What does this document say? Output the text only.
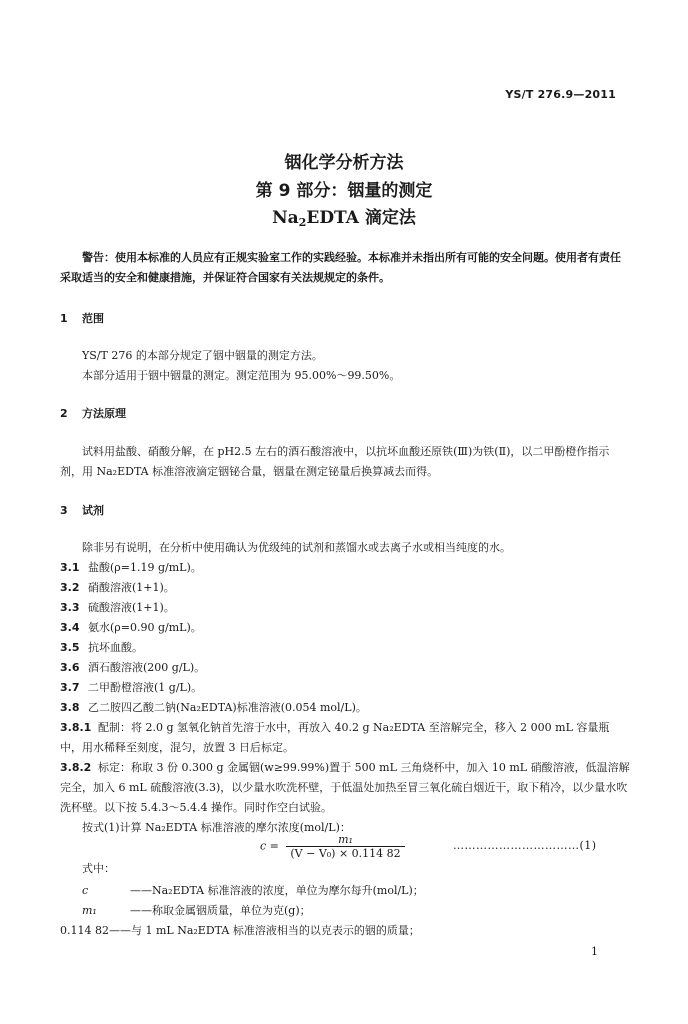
YS/T 276.9—2011
铟化学分析方法
第 9 部分：铟量的测定
$Na_2EDTA$ 滴定法
警告：使用本标准的人员应有正规实验室工作的实践经验。本标准并未指出所有可能的安全问题。使用者有责任采取适当的安全和健康措施，并保证符合国家有关法规规定的条件。
1 范围
YS/T 276 的本部分规定了铟中铟量的测定方法。
本部分适用于铟中铟量的测定。测定范围为 95.00%～99.50%。
2 方法原理
试料用盐酸、硝酸分解，在 pH2.5 左右的酒石酸溶液中，以抗坏血酸还原铁(Ⅲ)为铁(Ⅱ)，以二甲酚橙作指示剂，用 Na₂EDTA 标准溶液滴定铟铋合量，铟量在测定铋量后换算减去而得。
3 试剂
除非另有说明，在分析中使用确认为优级纯的试剂和蒸馏水或去离子水或相当纯度的水。
3.1 盐酸(ρ=1.19 g/mL)。
3.2 硝酸溶液(1+1)。
3.3 硫酸溶液(1+1)。
3.4 氨水(ρ=0.90 g/mL)。
3.5 抗坏血酸。
3.6 酒石酸溶液(200 g/L)。
3.7 二甲酚橙溶液(1 g/L)。
3.8 乙二胺四乙酸二钠(Na₂EDTA)标准溶液(0.054 mol/L)。
3.8.1 配制：将 2.0 g 氢氧化钠首先溶于水中，再放入 40.2 g Na₂EDTA 至溶解完全，移入 2 000 mL 容量瓶中，用水稀释至刻度，混匀，放置 3 日后标定。
3.8.2 标定：称取 3 份 0.300 g 金属铟(w≥99.99%)置于 500 mL 三角烧杯中，加入 10 mL 硝酸溶液，低温溶解完全，加入 6 mL 硫酸溶液(3.3)，以少量水吹洗杯壁，于低温处加热至冒三氧化硫白烟近干，取下稍冷，以少量水吹洗杯壁。以下按 5.4.3～5.4.4 操作。同时作空白试验。
按式(1)计算 Na₂EDTA 标准溶液的摩尔浓度(mol/L)：
$c = \frac{\text{m₁}}{\text{(V − V₀) × 0.114 82}}$	……………………………(1)
式中：
c	——Na₂EDTA 标准溶液的浓度，单位为摩尔每升(mol/L)；
m₁	——称取金属铟质量，单位为克(g)；
0.114 82——与 1 mL Na₂EDTA 标准溶液相当的以克表示的铟的质量；
1
